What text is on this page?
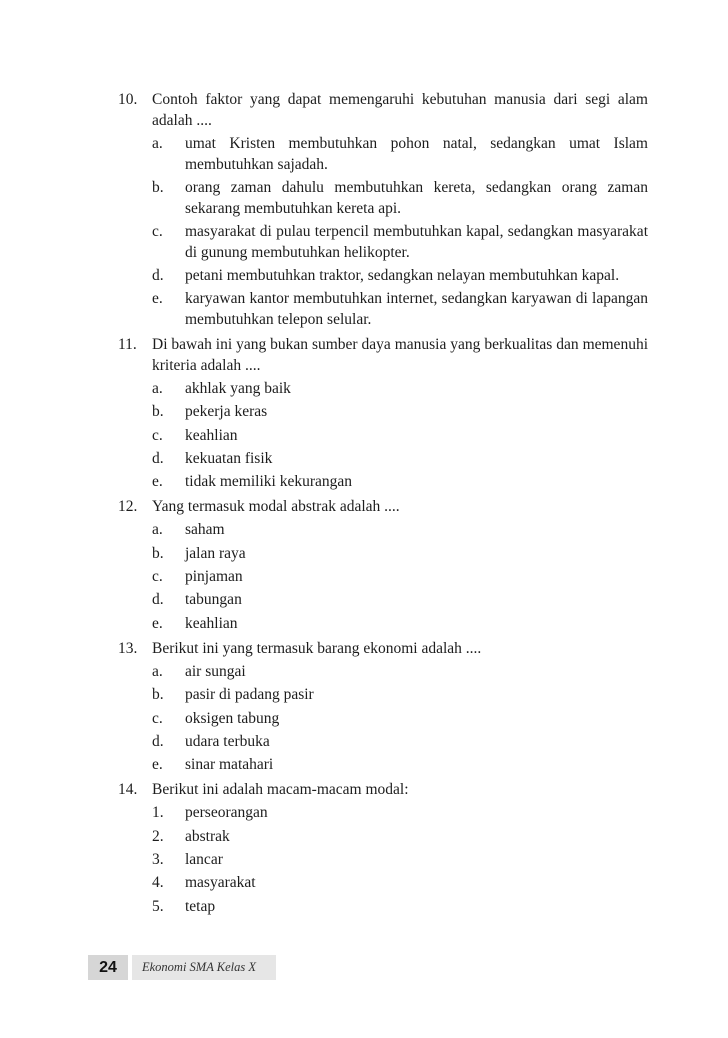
10. Contoh faktor yang dapat memengaruhi kebutuhan manusia dari segi alam adalah ....
a.	umat Kristen membutuhkan pohon natal, sedangkan umat Islam membutuhkan sajadah.
b.	orang zaman dahulu membutuhkan kereta, sedangkan orang zaman sekarang membutuhkan kereta api.
c.	masyarakat di pulau terpencil membutuhkan kapal, sedangkan masyarakat di gunung membutuhkan helikopter.
d.	petani membutuhkan traktor, sedangkan nelayan membutuhkan kapal.
e.	karyawan kantor membutuhkan internet, sedangkan karyawan di lapangan membutuhkan telepon selular.
11. Di bawah ini yang bukan sumber daya manusia yang berkualitas dan memenuhi kriteria adalah ....
a.	akhlak yang baik
b.	pekerja keras
c.	keahlian
d.	kekuatan fisik
e.	tidak memiliki kekurangan
12. Yang termasuk modal abstrak adalah ....
a.	saham
b.	jalan raya
c.	pinjaman
d.	tabungan
e.	keahlian
13. Berikut ini yang termasuk barang ekonomi adalah ....
a.	air sungai
b.	pasir di padang pasir
c.	oksigen tabung
d.	udara terbuka
e.	sinar matahari
14. Berikut ini adalah macam-macam modal:
1.	perseorangan
2.	abstrak
3.	lancar
4.	masyarakat
5.	tetap
24	Ekonomi SMA Kelas X
